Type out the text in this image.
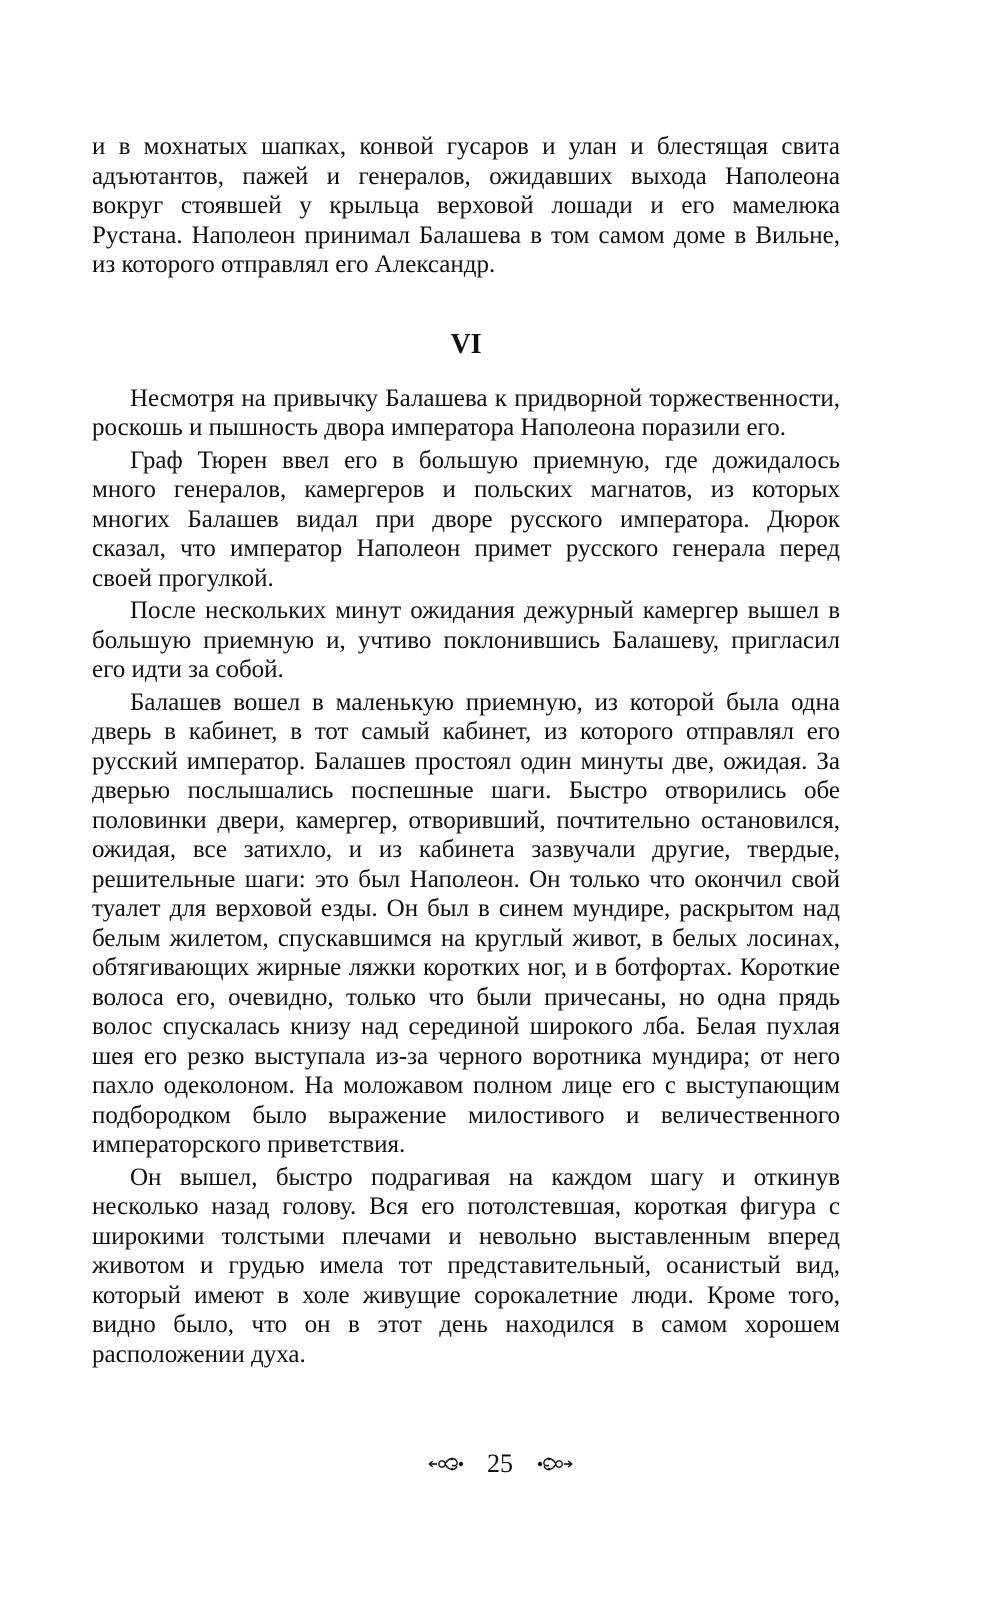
и в мохнатых шапках, конвой гусаров и улан и блестящая свита адъютантов, пажей и генералов, ожидавших выхода Наполеона вокруг стоявшей у крыльца верховой лошади и его мамелюка Рустана. Наполеон принимал Балашева в том самом доме в Вильне, из которого отправлял его Александр.

VI

Несмотря на привычку Балашева к придворной торжественности, роскошь и пышность двора императора Наполеона поразили его.

Граф Тюрен ввел его в большую приемную, где дожидалось много генералов, камергеров и польских магнатов, из которых многих Балашев видал при дворе русского императора. Дюрок сказал, что император Наполеон примет русского генерала перед своей прогулкой.

После нескольких минут ожидания дежурный камергер вышел в большую приемную и, учтиво поклонившись Балашеву, пригласил его идти за собой.

Балашев вошел в маленькую приемную, из которой была одна дверь в кабинет, в тот самый кабинет, из которого отправлял его русский император. Балашев простоял один минуты две, ожидая. За дверью послышались поспешные шаги. Быстро отворились обе половинки двери, камергер, отворивший, почтительно остановился, ожидая, все затихло, и из кабинета зазвучали другие, твердые, решительные шаги: это был Наполеон. Он только что окончил свой туалет для верховой езды. Он был в синем мундире, раскрытом над белым жилетом, спускавшимся на круглый живот, в белых лосинах, обтягивающих жирные ляжки коротких ног, и в ботфортах. Короткие волоса его, очевидно, только что были причесаны, но одна прядь волос спускалась книзу над серединой широкого лба. Белая пухлая шея его резко выступала из-за черного воротника мундира; от него пахло одеколоном. На моложавом полном лице его с выступающим подбородком было выражение милостивого и величественного императорского приветствия.

Он вышел, быстро подрагивая на каждом шагу и откинув несколько назад голову. Вся его потолстевшая, короткая фигура с широкими толстыми плечами и невольно выставленным вперед животом и грудью имела тот представительный, осанистый вид, который имеют в холе живущие сорокалетние люди. Кроме того, видно было, что он в этот день находился в самом хорошем расположении духа.

25
